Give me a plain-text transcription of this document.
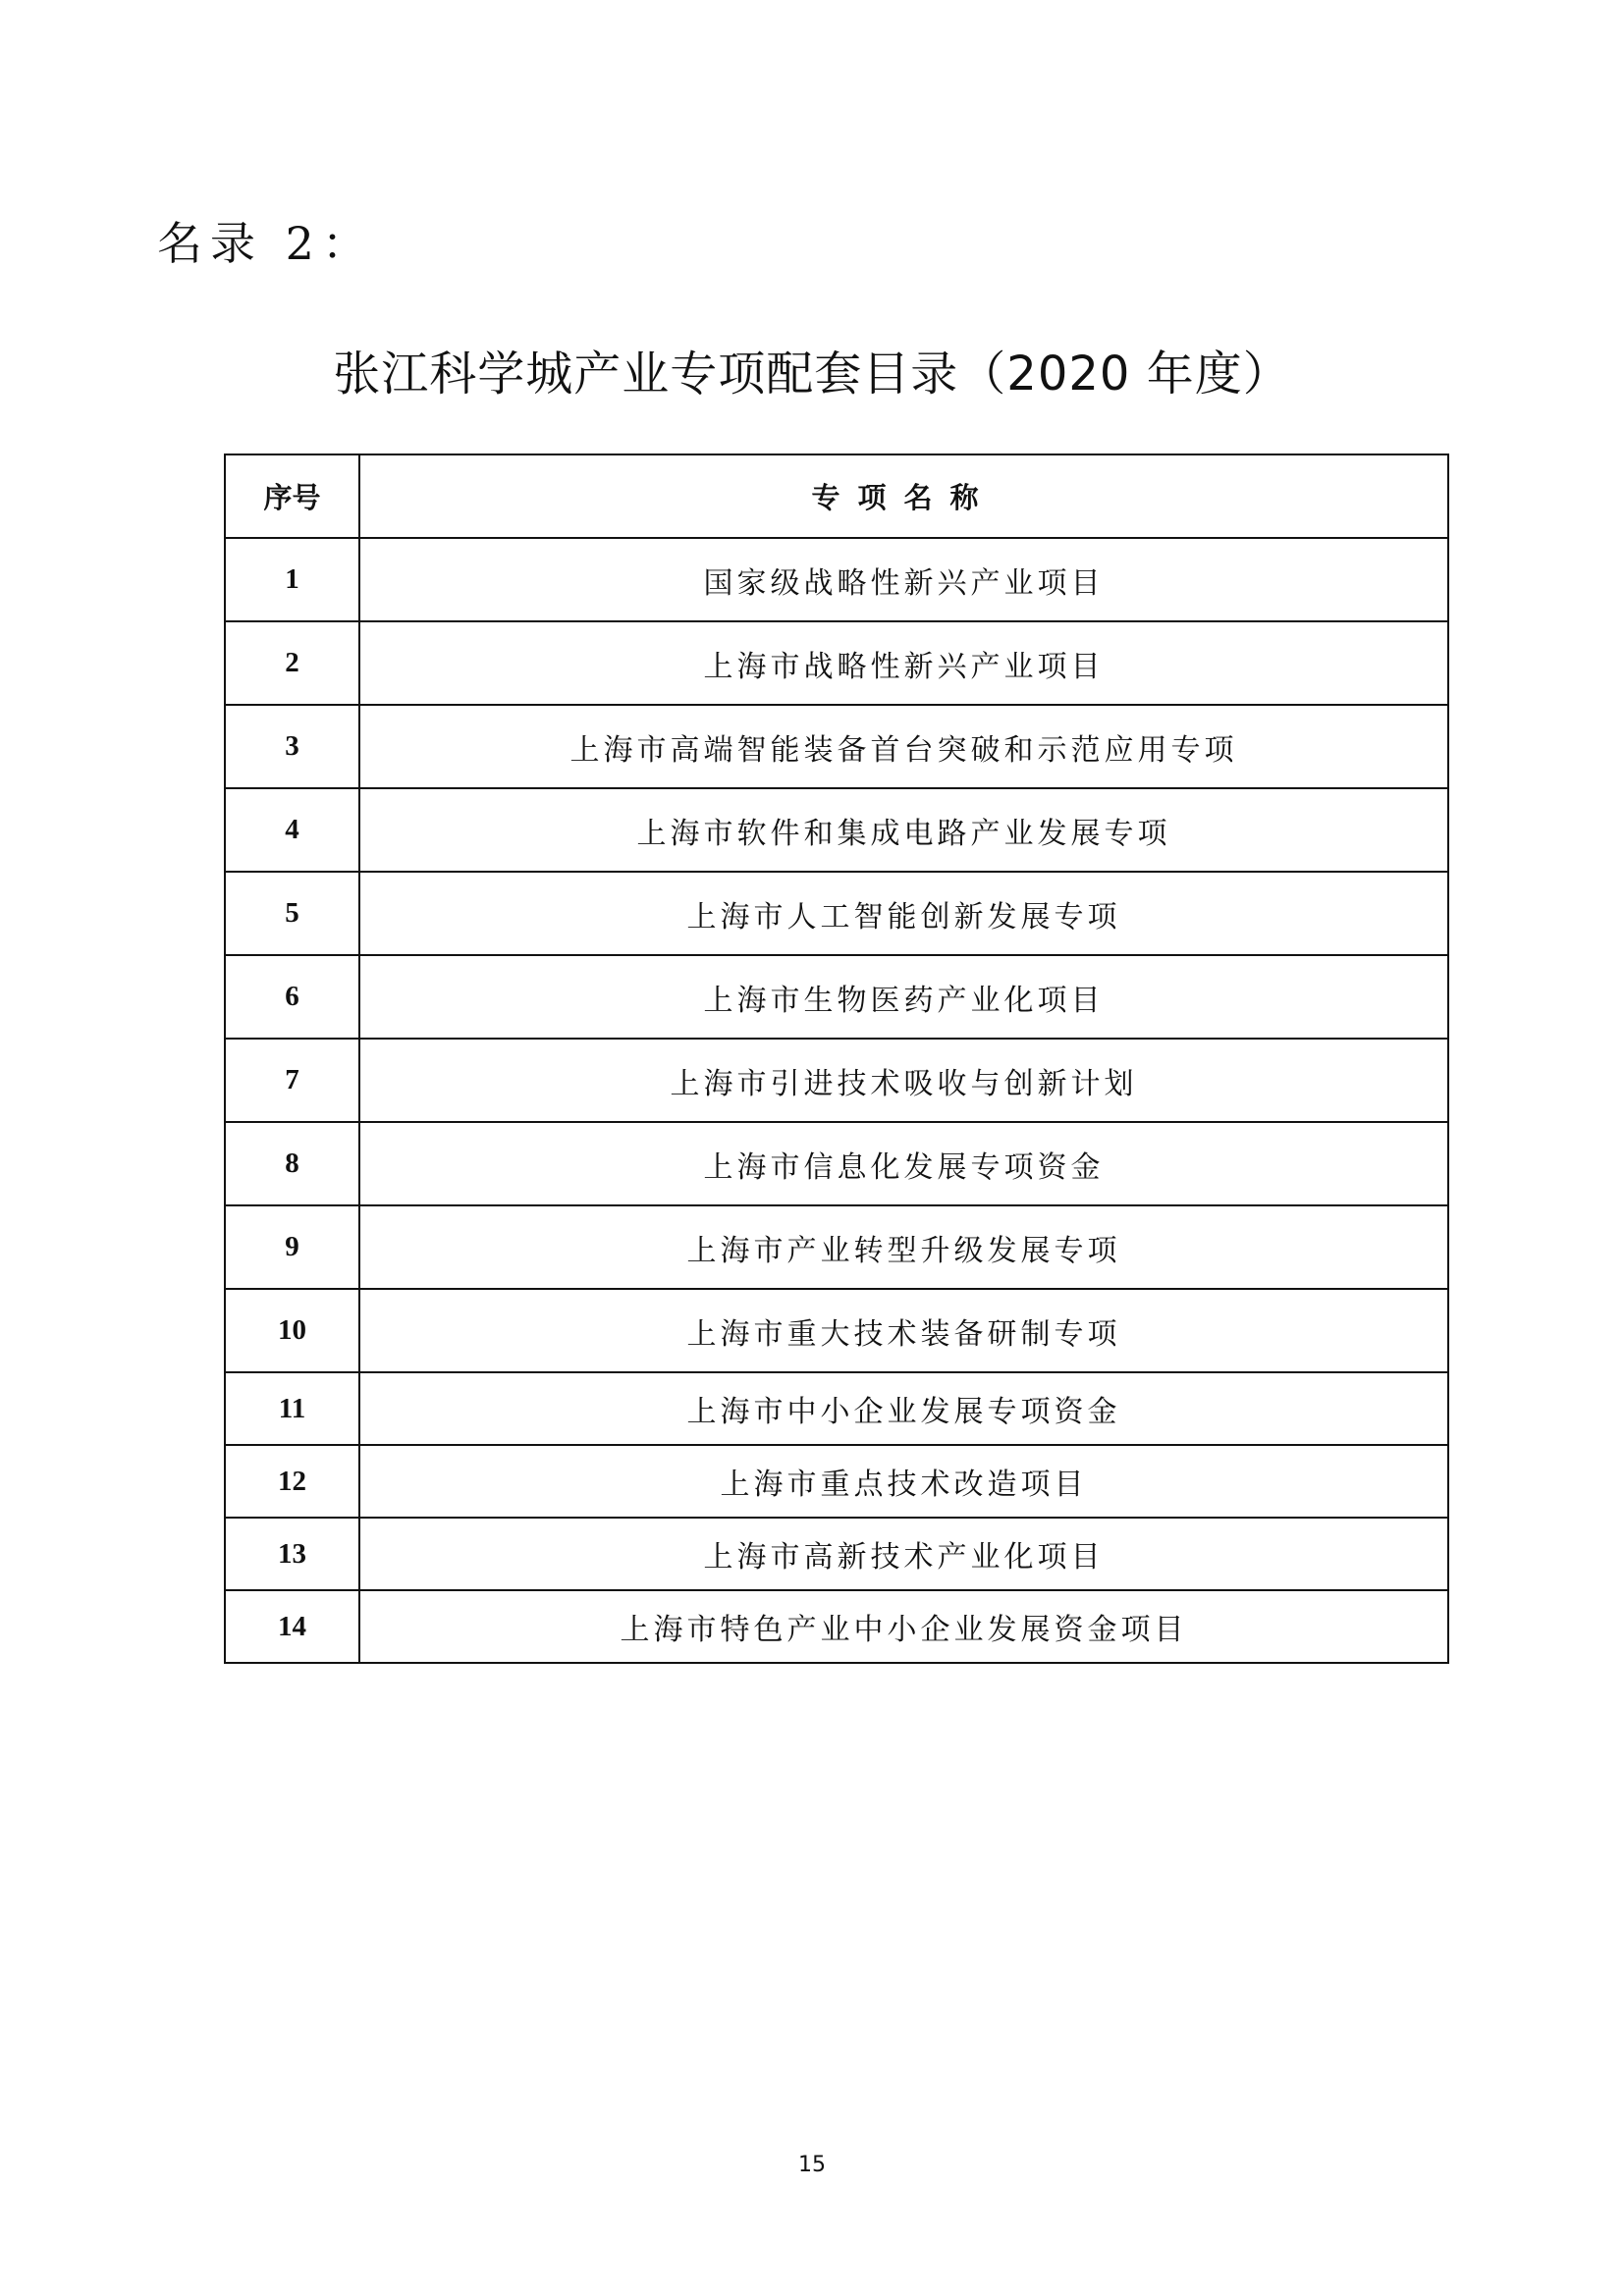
名录 2：
张江科学城产业专项配套目录（2020 年度）
序号	专项名称
1	国家级战略性新兴产业项目
2	上海市战略性新兴产业项目
3	上海市高端智能装备首台突破和示范应用专项
4	上海市软件和集成电路产业发展专项
5	上海市人工智能创新发展专项
6	上海市生物医药产业化项目
7	上海市引进技术吸收与创新计划
8	上海市信息化发展专项资金
9	上海市产业转型升级发展专项
10	上海市重大技术装备研制专项
11	上海市中小企业发展专项资金
12	上海市重点技术改造项目
13	上海市高新技术产业化项目
14	上海市特色产业中小企业发展资金项目
15
